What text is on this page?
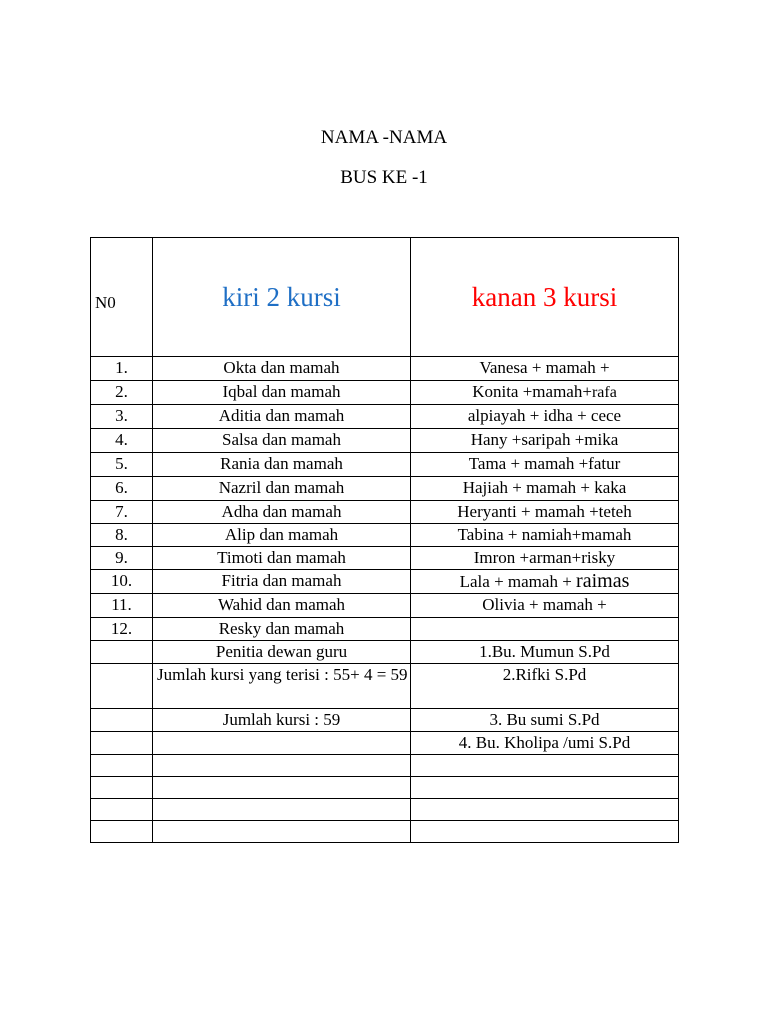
NAMA -NAMA
BUS KE -1
N0	kiri 2 kursi	kanan 3 kursi
1.	Okta dan mamah	Vanesa + mamah +
2.	Iqbal dan mamah	Konita +mamah+rafa
3.	Aditia dan mamah	alpiayah + idha + cece
4.	Salsa dan mamah	Hany +saripah +mika
5.	Rania dan mamah	Tama + mamah +fatur
6.	Nazril dan mamah	Hajiah + mamah + kaka
7.	Adha dan mamah	Heryanti + mamah +teteh
8.	Alip dan mamah	Tabina + namiah+mamah
9.	Timoti dan mamah	Imron +arman+risky
10.	Fitria dan mamah	Lala + mamah + raimas
11.	Wahid dan mamah	Olivia + mamah +
12.	Resky dan mamah	
	Penitia dewan guru	1.Bu. Mumun S.Pd
	Jumlah kursi yang terisi : 55+ 4 = 59	2.Rifki S.Pd
	Jumlah kursi : 59	3. Bu sumi S.Pd
		4. Bu. Kholipa /umi S.Pd
